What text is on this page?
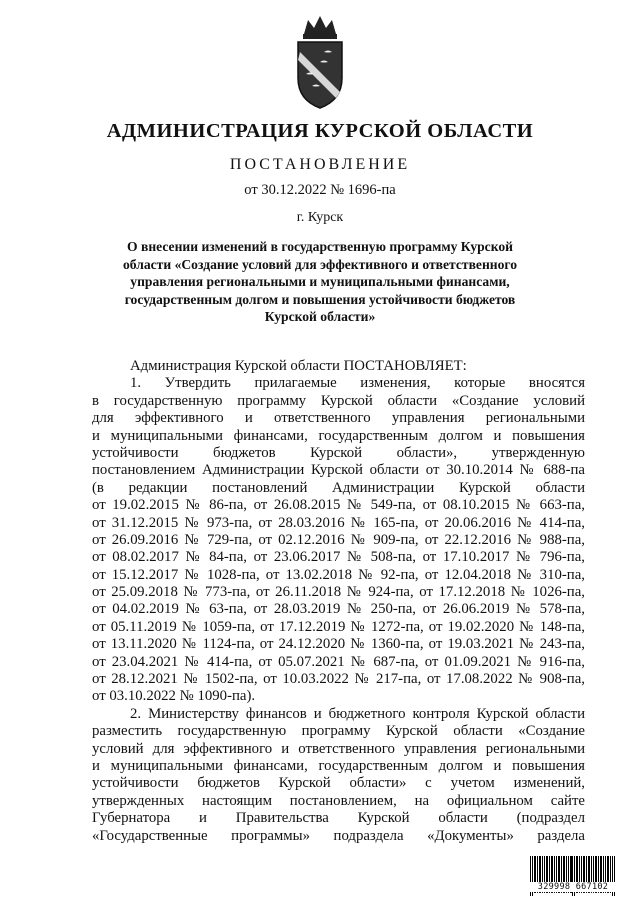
АДМИНИСТРАЦИЯ КУРСКОЙ ОБЛАСТИ
ПОСТАНОВЛЕНИЕ
от 30.12.2022 № 1696-па
г. Курск
О внесении изменений в государственную программу Курской
области «Создание условий для эффективного и ответственного
управления региональными и муниципальными финансами,
государственным долгом и повышения устойчивости бюджетов
Курской области»
Администрация Курской области ПОСТАНОВЛЯЕТ:
1. Утвердить прилагаемые изменения, которые вносятся
в государственную программу Курской области «Создание условий
для эффективного и ответственного управления региональными
и муниципальными финансами, государственным долгом и повышения
устойчивости бюджетов Курской области», утвержденную
постановлением Администрации Курской области от 30.10.2014 № 688-па
(в редакции постановлений Администрации Курской области
от 19.02.2015 № 86-па, от 26.08.2015 № 549-па, от 08.10.2015 № 663-па,
от 31.12.2015 № 973-па, от 28.03.2016 № 165-па, от 20.06.2016 № 414-па,
от 26.09.2016 № 729-па, от 02.12.2016 № 909-па, от 22.12.2016 № 988-па,
от 08.02.2017 № 84-па, от 23.06.2017 № 508-па, от 17.10.2017 № 796-па,
от 15.12.2017 № 1028-па, от 13.02.2018 № 92-па, от 12.04.2018 № 310-па,
от 25.09.2018 № 773-па, от 26.11.2018 № 924-па, от 17.12.2018 № 1026-па,
от 04.02.2019 № 63-па, от 28.03.2019 № 250-па, от 26.06.2019 № 578-па,
от 05.11.2019 № 1059-па, от 17.12.2019 № 1272-па, от 19.02.2020 № 148-па,
от 13.11.2020 № 1124-па, от 24.12.2020 № 1360-па, от 19.03.2021 № 243-па,
от 23.04.2021 № 414-па, от 05.07.2021 № 687-па, от 01.09.2021 № 916-па,
от 28.12.2021 № 1502-па, от 10.03.2022 № 217-па, от 17.08.2022 № 908-па,
от 03.10.2022 № 1090-па).
2. Министерству финансов и бюджетного контроля Курской области
разместить государственную программу Курской области «Создание
условий для эффективного и ответственного управления региональными
и муниципальными финансами, государственным долгом и повышения
устойчивости бюджетов Курской области» с учетом изменений,
утвержденных настоящим постановлением, на официальном сайте
Губернатора и Правительства Курской области (подраздел
«Государственные программы» подраздела «Документы» раздела
329998 667102
